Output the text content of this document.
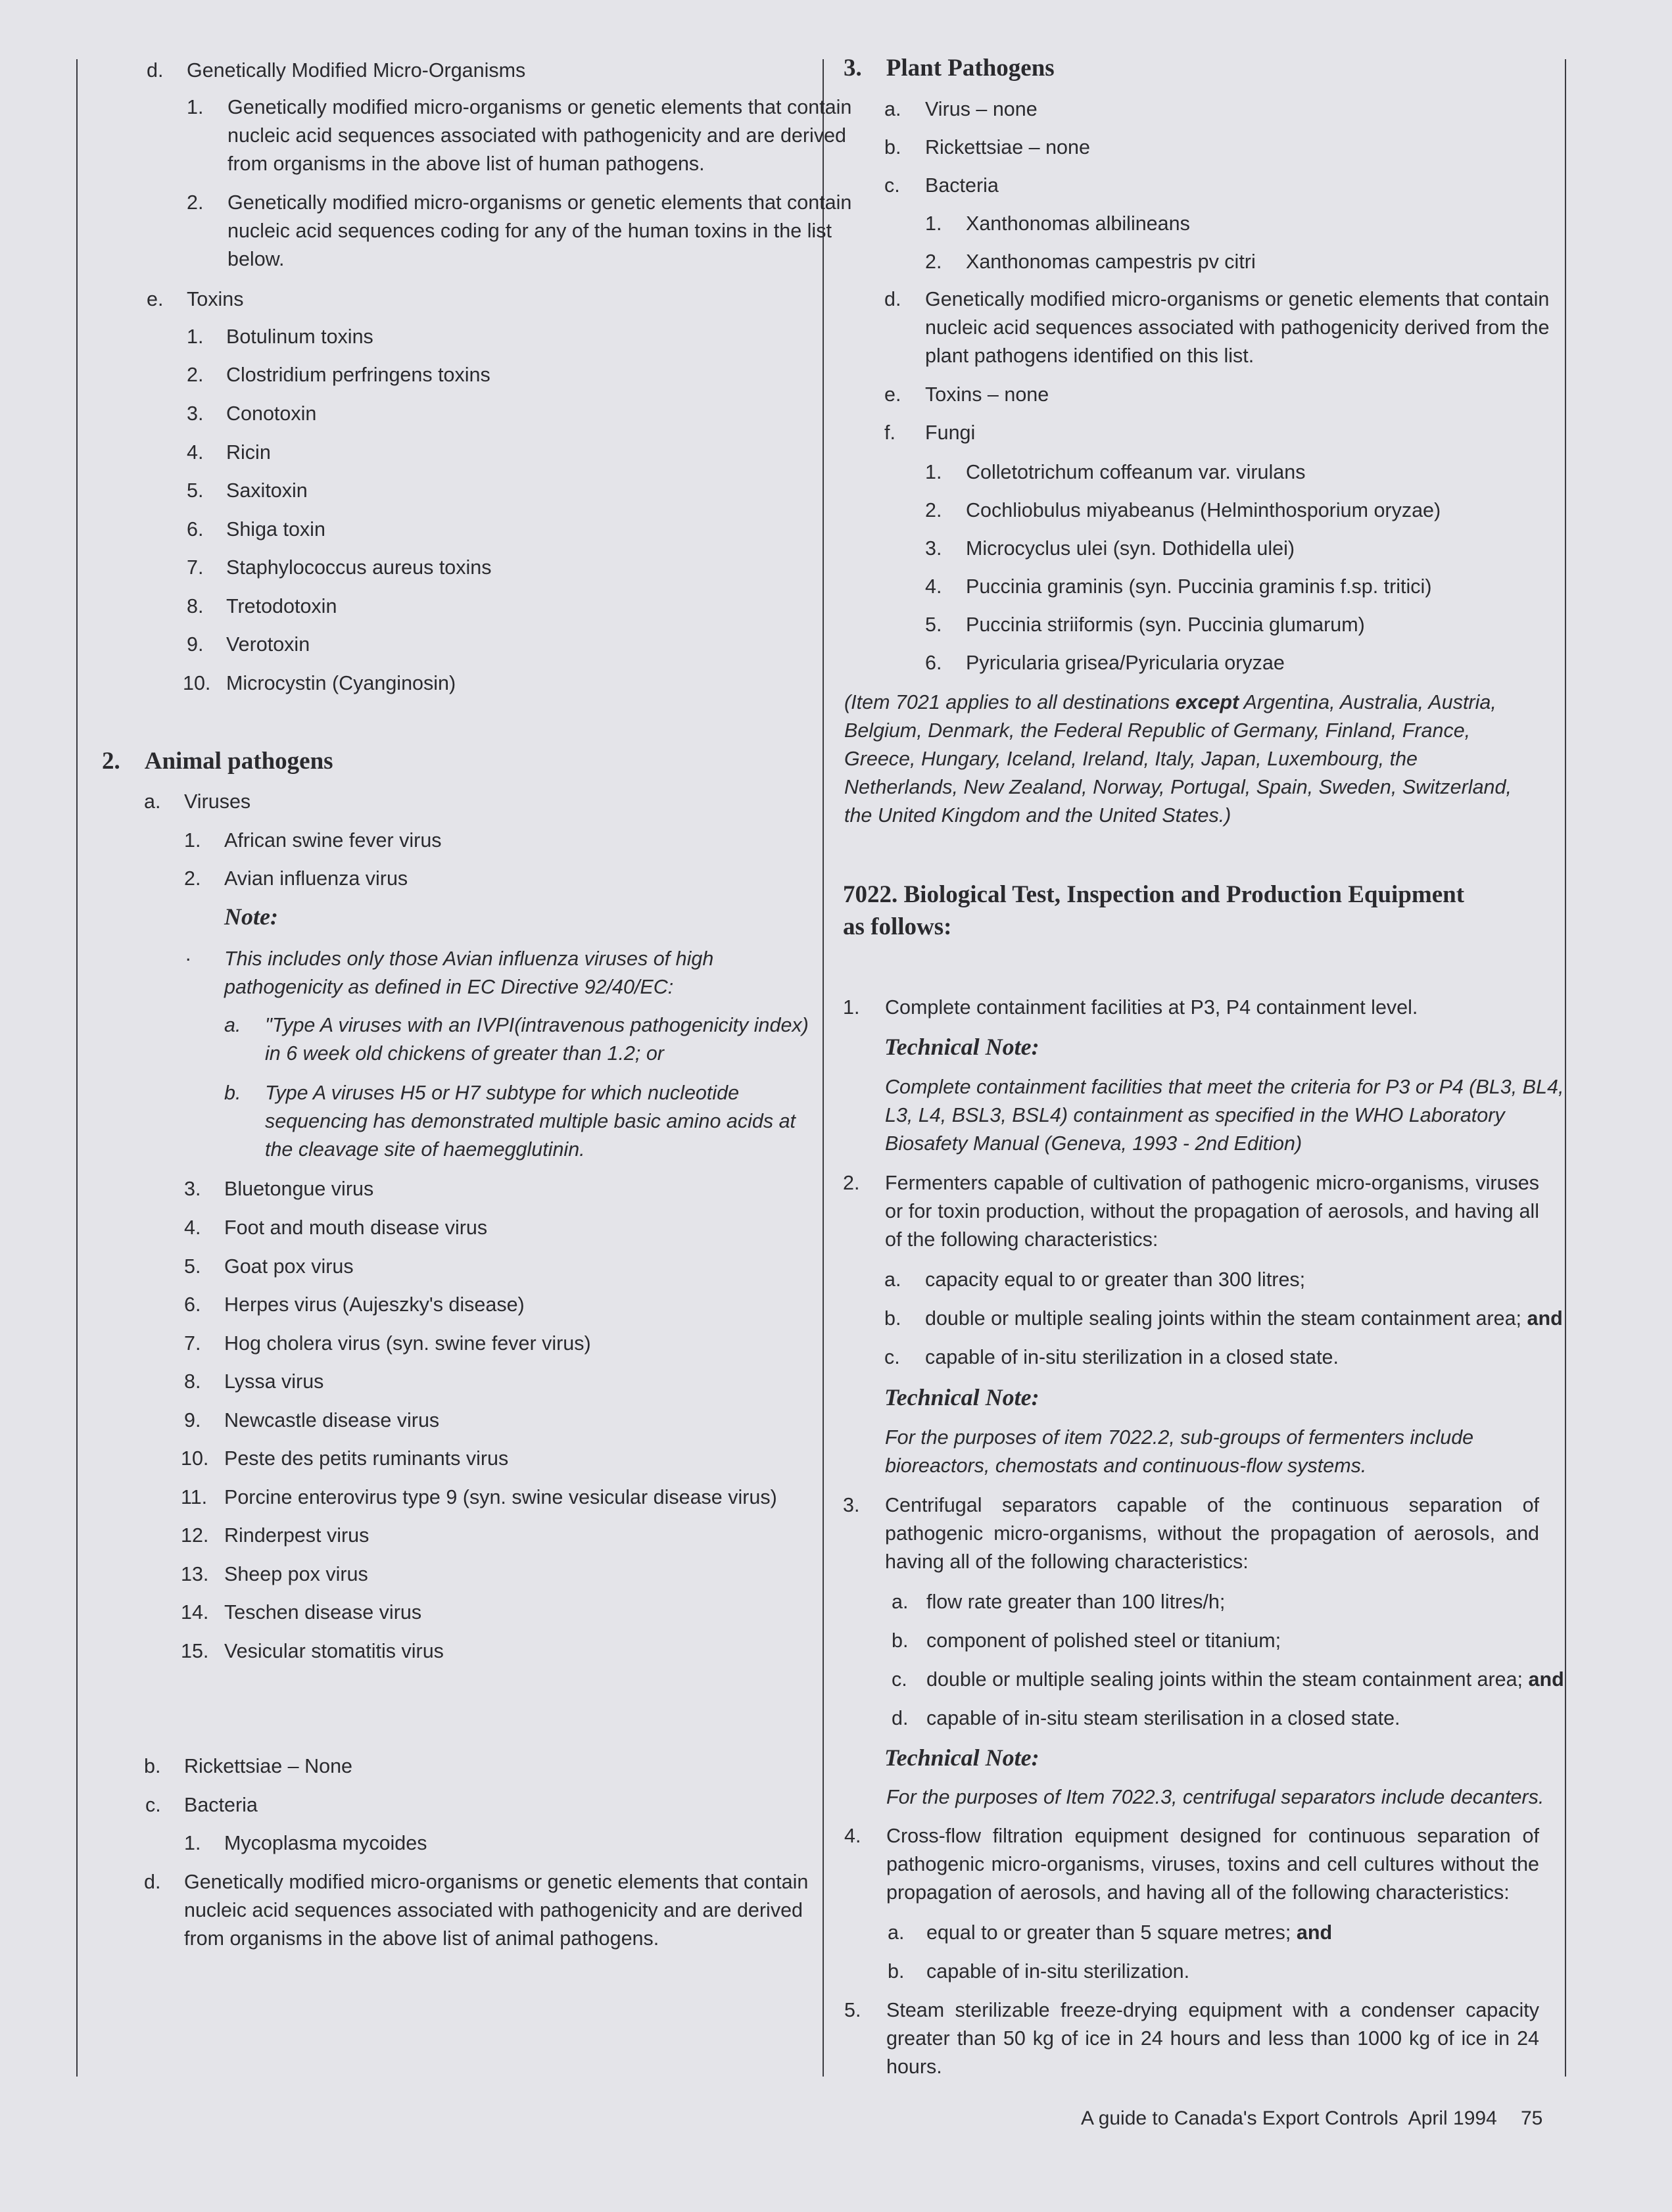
d. Genetically Modified Micro-Organisms
1. Genetically modified micro-organisms or genetic elements that contain
nucleic acid sequences associated with pathogenicity and are derived
from organisms in the above list of human pathogens.
2. Genetically modified micro-organisms or genetic elements that contain
nucleic acid sequences coding for any of the human toxins in the list
below.
e. Toxins
1. Botulinum toxins
2. Clostridium perfringens toxins
3. Conotoxin
4. Ricin
5. Saxitoxin
6. Shiga toxin
7. Staphylococcus aureus toxins
8. Tretodotoxin
9. Verotoxin
10. Microcystin (Cyanginosin)
2. Animal pathogens
a. Viruses
1. African swine fever virus
2. Avian influenza virus
Note:
. This includes only those Avian influenza viruses of high
pathogenicity as defined in EC Directive 92/40/EC:
a. "Type A viruses with an IVPI(intravenous pathogenicity index)
in 6 week old chickens of greater than 1.2; or
b. Type A viruses H5 or H7 subtype for which nucleotide
sequencing has demonstrated multiple basic amino acids at
the cleavage site of haemegglutinin.
3. Bluetongue virus
4. Foot and mouth disease virus
5. Goat pox virus
6. Herpes virus (Aujeszky's disease)
7. Hog cholera virus (syn. swine fever virus)
8. Lyssa virus
9. Newcastle disease virus
10. Peste des petits ruminants virus
11. Porcine enterovirus type 9 (syn. swine vesicular disease virus)
12. Rinderpest virus
13. Sheep pox virus
14. Teschen disease virus
15. Vesicular stomatitis virus
b. Rickettsiae – None
c. Bacteria
1. Mycoplasma mycoides
d. Genetically modified micro-organisms or genetic elements that contain
nucleic acid sequences associated with pathogenicity and are derived
from organisms in the above list of animal pathogens.
3. Plant Pathogens
a. Virus – none
b. Rickettsiae – none
c. Bacteria
1. Xanthonomas albilineans
2. Xanthonomas campestris pv citri
d. Genetically modified micro-organisms or genetic elements that contain
nucleic acid sequences associated with pathogenicity derived from the
plant pathogens identified on this list.
e. Toxins – none
f. Fungi
1. Colletotrichum coffeanum var. virulans
2. Cochliobulus miyabeanus (Helminthosporium oryzae)
3. Microcyclus ulei (syn. Dothidella ulei)
4. Puccinia graminis (syn. Puccinia graminis f.sp. tritici)
5. Puccinia striiformis (syn. Puccinia glumarum)
6. Pyricularia grisea/Pyricularia oryzae
(Item 7021 applies to all destinations except Argentina, Australia, Austria, Belgium, Denmark, the Federal Republic of Germany, Finland, France, Greece, Hungary, Iceland, Ireland, Italy, Japan, Luxembourg, the Netherlands, New Zealand, Norway, Portugal, Spain, Sweden, Switzerland, the United Kingdom and the United States.)
7022. Biological Test, Inspection and Production Equipment
as follows:
1. Complete containment facilities at P3, P4 containment level.
Technical Note:
Complete containment facilities that meet the criteria for P3 or P4 (BL3, BL4,
L3, L4, BSL3, BSL4) containment as specified in the WHO Laboratory
Biosafety Manual (Geneva, 1993 - 2nd Edition)
2. Fermenters capable of cultivation of pathogenic micro-organisms, viruses or for toxin production, without the propagation of aerosols, and having all of the following characteristics:
a. capacity equal to or greater than 300 litres;
b. double or multiple sealing joints within the steam containment area; and
c. capable of in-situ sterilization in a closed state.
Technical Note:
For the purposes of item 7022.2, sub-groups of fermenters include
bioreactors, chemostats and continuous-flow systems.
3. Centrifugal separators capable of the continuous separation of pathogenic micro-organisms, without the propagation of aerosols, and having all of the following characteristics:
a. flow rate greater than 100 litres/h;
b. component of polished steel or titanium;
c. double or multiple sealing joints within the steam containment area; and
d. capable of in-situ steam sterilisation in a closed state.
Technical Note:
For the purposes of Item 7022.3, centrifugal separators include decanters.
4. Cross-flow filtration equipment designed for continuous separation of pathogenic micro-organisms, viruses, toxins and cell cultures without the propagation of aerosols, and having all of the following characteristics:
a. equal to or greater than 5 square metres; and
b. capable of in-situ sterilization.
5. Steam sterilizable freeze-drying equipment with a condenser capacity greater than 50 kg of ice in 24 hours and less than 1000 kg of ice in 24 hours.
A guide to Canada's Export Controls April 1994 75
